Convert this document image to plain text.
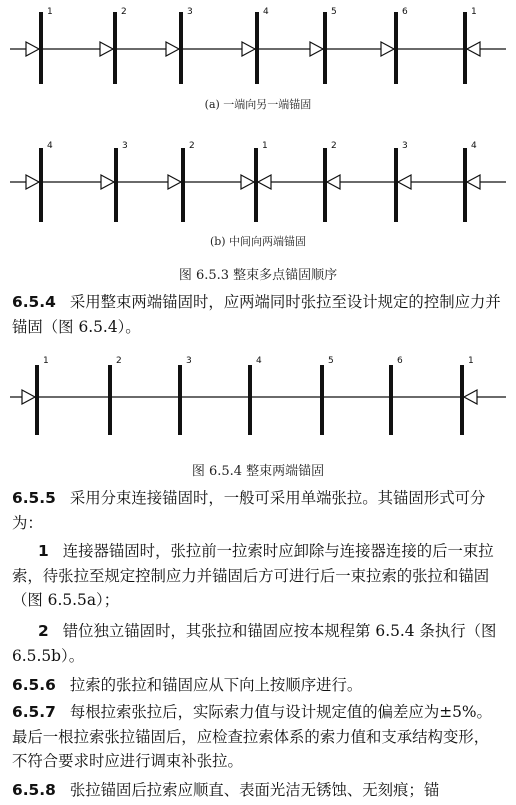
1	2	3	4	5	6	1
(a) 一端向另一端锚固
4	3	2	1	2	3	4
(b) 中间向两端锚固
图 6.5.3 整束多点锚固顺序
6.5.4 采用整束两端锚固时，应两端同时张拉至设计规定的控制应力并锚固（图 6.5.4）。
1	2	3	4	5	6	1
图 6.5.4 整束两端锚固
6.5.5 采用分束连接锚固时，一般可采用单端张拉。其锚固形式可分为：
1 连接器锚固时，张拉前一拉索时应卸除与连接器连接的后一束拉索，待张拉至规定控制应力并锚固后方可进行后一束拉索的张拉和锚固（图 6.5.5a）；
2 错位独立锚固时，其张拉和锚固应按本规程第 6.5.4 条执行（图 6.5.5b）。
6.5.6 拉索的张拉和锚固应从下向上按顺序进行。
6.5.7 每根拉索张拉后，实际索力值与设计规定值的偏差应为±5%。最后一根拉索张拉锚固后，应检查拉索体系的索力值和支承结构变形，不符合要求时应进行调束补张拉。
6.5.8 张拉锚固后拉索应顺直、表面光洁无锈蚀、无刻痕；锚
